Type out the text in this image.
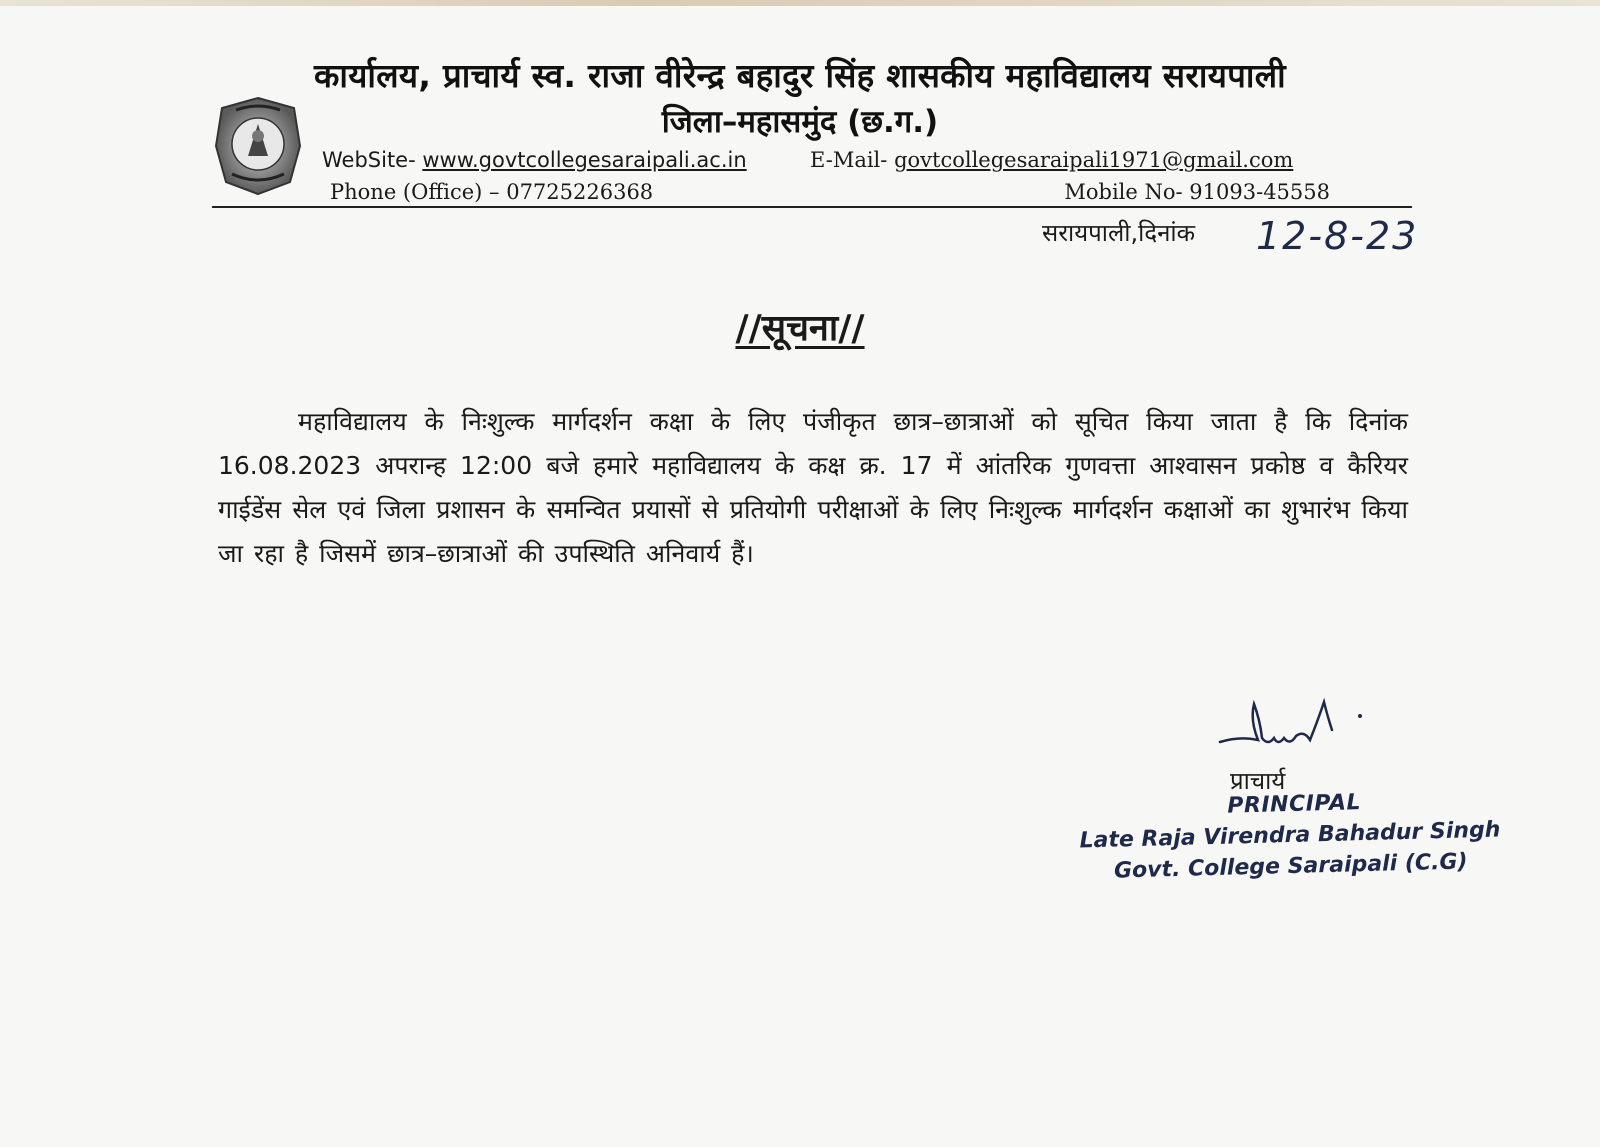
कार्यालय, प्राचार्य स्व. राजा वीरेन्द्र बहादुर सिंह शासकीय महाविद्यालय सरायपाली
जिला–महासमुंद (छ.ग.)
WebSite- www.govtcollegesaraipali.ac.in	E-Mail- govtcollegesaraipali1971@gmail.com
Phone (Office) – 07725226368	Mobile No- 91093-45558
सरायपाली,दिनांक 12-8-23
//सूचना//
महाविद्यालय के निःशुल्क मार्गदर्शन कक्षा के लिए पंजीकृत छात्र–छात्राओं को सूचित किया जाता है कि दिनांक 16.08.2023 अपरान्ह 12:00 बजे हमारे महाविद्यालय के कक्ष क्र. 17 में आंतरिक गुणवत्ता आश्वासन प्रकोष्ठ व कैरियर गाईडेंस सेल एवं जिला प्रशासन के समन्वित प्रयासों से प्रतियोगी परीक्षाओं के लिए निःशुल्क मार्गदर्शन कक्षाओं का शुभारंभ किया जा रहा है जिसमें छात्र–छात्राओं की उपस्थिति अनिवार्य हैं।
प्राचार्य
PRINCIPAL
Late Raja Virendra Bahadur Singh
Govt. College Saraipali (C.G)
